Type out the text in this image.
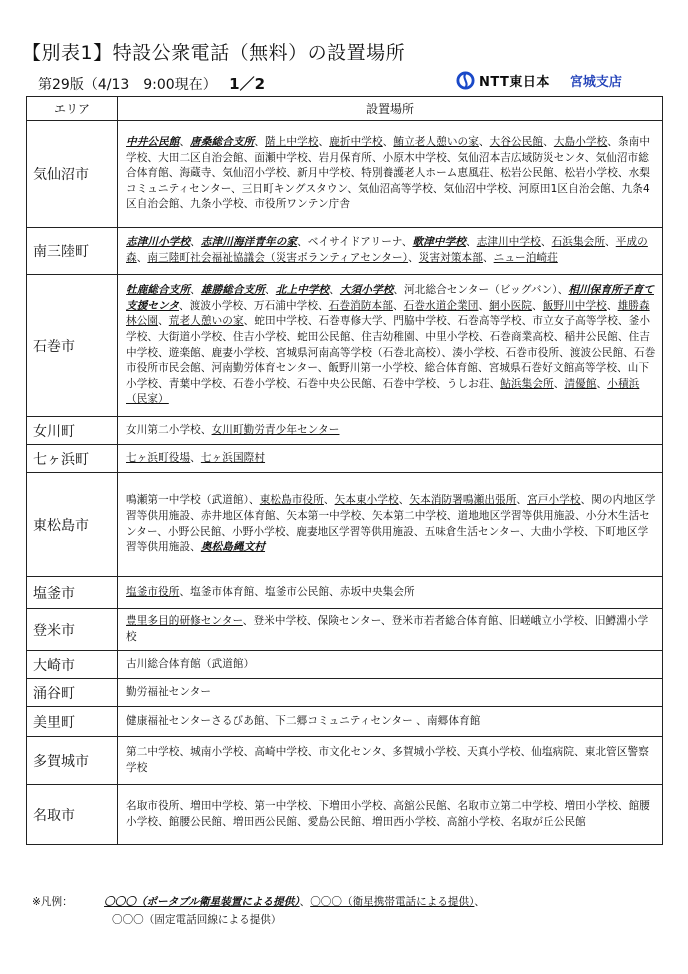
【別表1】特設公衆電話（無料）の設置場所
第29版（4/13　9:00現在） 1／2	NTT東日本 宮城支店
エリア	設置場所
気仙沼市	中井公民館、唐桑総合支所、階上中学校、鹿折中学校、鮪立老人憩いの家、大谷公民館、大島小学校、条南中学校、大田二区自治会館、面瀬中学校、岩月保育所、小原木中学校、気仙沼本吉広域防災センタ、気仙沼市総合体育館、海蔵寺、気仙沼小学校、新月中学校、特別養護老人ホーム恵風荘、松岩公民館、松岩小学校、水梨コミュニティセンター、三日町キングスタウン、気仙沼高等学校、気仙沼中学校、河原田1区自治会館、九条4区自治会館、九条小学校、市役所ワンテン庁舎
南三陸町	志津川小学校、志津川海洋青年の家、ベイサイドアリーナ、歌津中学校、志津川中学校、石浜集会所、平成の森、南三陸町社会福祉協議会（災害ボランティアセンター）、災害対策本部、ニュー泊崎荘
石巻市	牡鹿総合支所、雄勝総合支所、北上中学校、大須小学校、河北総合センター（ビッグバン）、相川保育所子育て支援センタ、渡波小学校、万石浦中学校、石巻消防本部、石巻水道企業団、網小医院、飯野川中学校、雄勝森林公園、荒老人憩いの家、蛇田中学校、石巻専修大学、門脇中学校、石巻高等学校、市立女子高等学校、釜小学校、大街道小学校、住吉小学校、蛇田公民館、住吉幼稚園、中里小学校、石巻商業高校、稲井公民館、住吉中学校、遊楽館、鹿妻小学校、宮城県河南高等学校（石巻北高校）、湊小学校、石巻市役所、渡波公民館、石巻市役所市民会館、河南勤労体育センター、飯野川第一小学校、総合体育館、宮城県石巻好文館高等学校、山下小学校、青葉中学校、石巻小学校、石巻中央公民館、石巻中学校、うしお荘、鮎浜集会所、清優館、小積浜（民家）
女川町	女川第二小学校、女川町勤労青少年センター
七ヶ浜町	七ヶ浜町役場、七ヶ浜国際村
東松島市	鳴瀬第一中学校（武道館）、東松島市役所、矢本東小学校、矢本消防署鳴瀬出張所、宮戸小学校、関の内地区学習等供用施設、赤井地区体育館、矢本第一中学校、矢本第二中学校、道地地区学習等供用施設、小分木生活センター、小野公民館、小野小学校、鹿妻地区学習等供用施設、五味倉生活センター、大曲小学校、下町地区学習等供用施設、奥松島縄文村
塩釜市	塩釜市役所、塩釜市体育館、塩釜市公民館、赤坂中央集会所
登米市	豊里多目的研修センター、登米中学校、保険センター、登米市若者総合体育館、旧嵯峨立小学校、旧鱒淵小学校
大崎市	古川総合体育館（武道館）
涌谷町	勤労福祉センター
美里町	健康福祉センターさるびあ館、下二郷コミュニティセンター 、南郷体育館
多賀城市	第二中学校、城南小学校、高崎中学校、市文化センタ、多賀城小学校、天真小学校、仙塩病院、東北管区警察学校
名取市	名取市役所、増田中学校、第一中学校、下増田小学校、高舘公民館、名取市立第二中学校、増田小学校、館腰小学校、館腰公民館、増田西公民館、愛島公民館、増田西小学校、高舘小学校、名取が丘公民館
※凡例：	〇〇〇（ポータブル衛星装置による提供）、〇〇〇（衛星携帯電話による提供）、
〇〇〇（固定電話回線による提供）
